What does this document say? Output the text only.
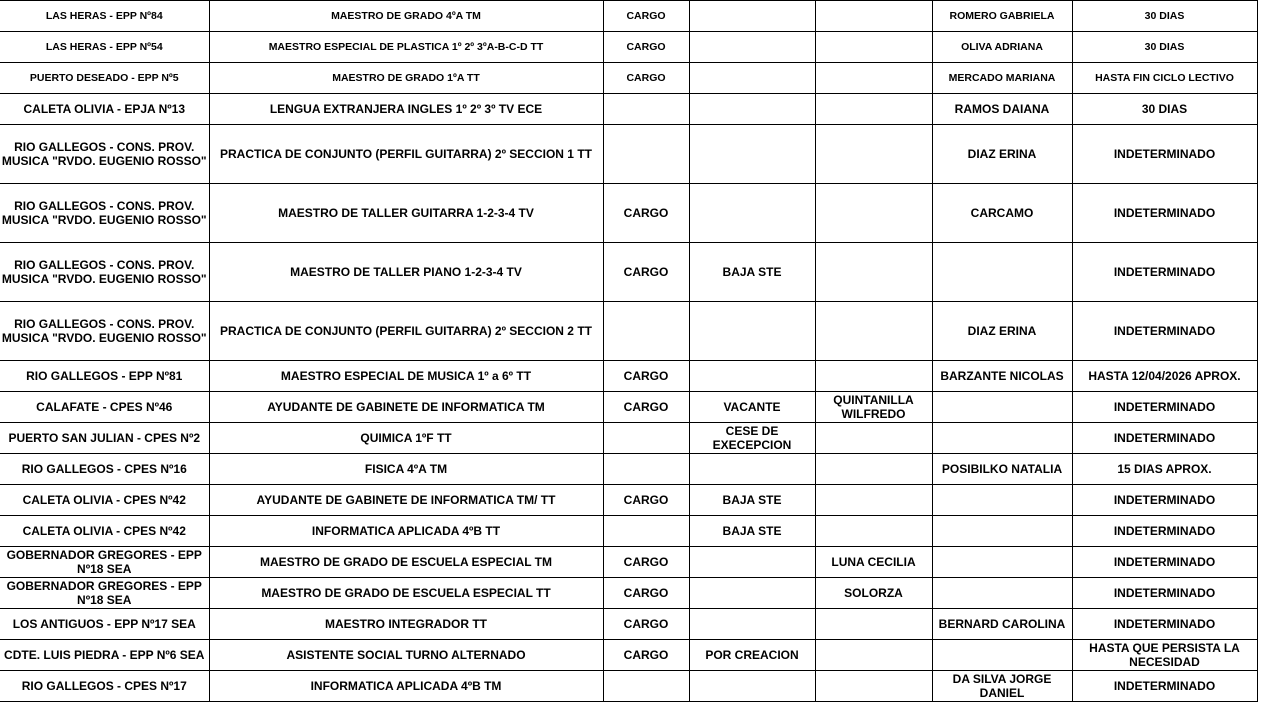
LAS HERAS - EPP Nº84	MAESTRO DE GRADO 4ºA TM	CARGO			ROMERO GABRIELA	30 DIAS
LAS HERAS - EPP Nº54	MAESTRO ESPECIAL DE PLASTICA 1º 2º 3ºA-B-C-D TT	CARGO			OLIVA ADRIANA	30 DIAS
PUERTO DESEADO - EPP Nº5	MAESTRO DE GRADO 1ºA TT	CARGO			MERCADO MARIANA	HASTA FIN CICLO LECTIVO
CALETA OLIVIA - EPJA Nº13	LENGUA EXTRANJERA INGLES 1º 2º 3º TV ECE				RAMOS DAIANA	30 DIAS
RIO GALLEGOS - CONS. PROV. MUSICA "RVDO. EUGENIO ROSSO"	PRACTICA DE CONJUNTO (PERFIL GUITARRA) 2º SECCION 1 TT				DIAZ ERINA	INDETERMINADO
RIO GALLEGOS - CONS. PROV. MUSICA "RVDO. EUGENIO ROSSO"	MAESTRO DE TALLER GUITARRA 1-2-3-4 TV	CARGO			CARCAMO	INDETERMINADO
RIO GALLEGOS - CONS. PROV. MUSICA "RVDO. EUGENIO ROSSO"	MAESTRO DE TALLER PIANO 1-2-3-4 TV	CARGO	BAJA STE			INDETERMINADO
RIO GALLEGOS - CONS. PROV. MUSICA "RVDO. EUGENIO ROSSO"	PRACTICA DE CONJUNTO (PERFIL GUITARRA) 2º SECCION 2 TT				DIAZ ERINA	INDETERMINADO
RIO GALLEGOS - EPP Nº81	MAESTRO ESPECIAL DE MUSICA 1º a 6º TT	CARGO			BARZANTE NICOLAS	HASTA 12/04/2026 APROX.
CALAFATE - CPES Nº46	AYUDANTE DE GABINETE DE INFORMATICA TM	CARGO	VACANTE	QUINTANILLA WILFREDO		INDETERMINADO
PUERTO SAN JULIAN - CPES Nº2	QUIMICA 1ºF TT		CESE DE EXECEPCION			INDETERMINADO
RIO GALLEGOS - CPES Nº16	FISICA 4ºA TM				POSIBILKO NATALIA	15 DIAS APROX.
CALETA OLIVIA - CPES Nº42	AYUDANTE DE GABINETE DE INFORMATICA TM/ TT	CARGO	BAJA STE			INDETERMINADO
CALETA OLIVIA - CPES Nº42	INFORMATICA APLICADA 4ºB TT		BAJA STE			INDETERMINADO
GOBERNADOR GREGORES - EPP Nº18 SEA	MAESTRO DE GRADO DE ESCUELA ESPECIAL TM	CARGO		LUNA CECILIA		INDETERMINADO
GOBERNADOR GREGORES - EPP Nº18 SEA	MAESTRO DE GRADO DE ESCUELA ESPECIAL TT	CARGO		SOLORZA		INDETERMINADO
LOS ANTIGUOS - EPP Nº17 SEA	MAESTRO INTEGRADOR TT	CARGO			BERNARD CAROLINA	INDETERMINADO
CDTE. LUIS PIEDRA - EPP Nº6 SEA	ASISTENTE SOCIAL TURNO ALTERNADO	CARGO	POR CREACION			HASTA QUE PERSISTA LA NECESIDAD
RIO GALLEGOS - CPES Nº17	INFORMATICA APLICADA 4ºB TM				DA SILVA JORGE DANIEL	INDETERMINADO
